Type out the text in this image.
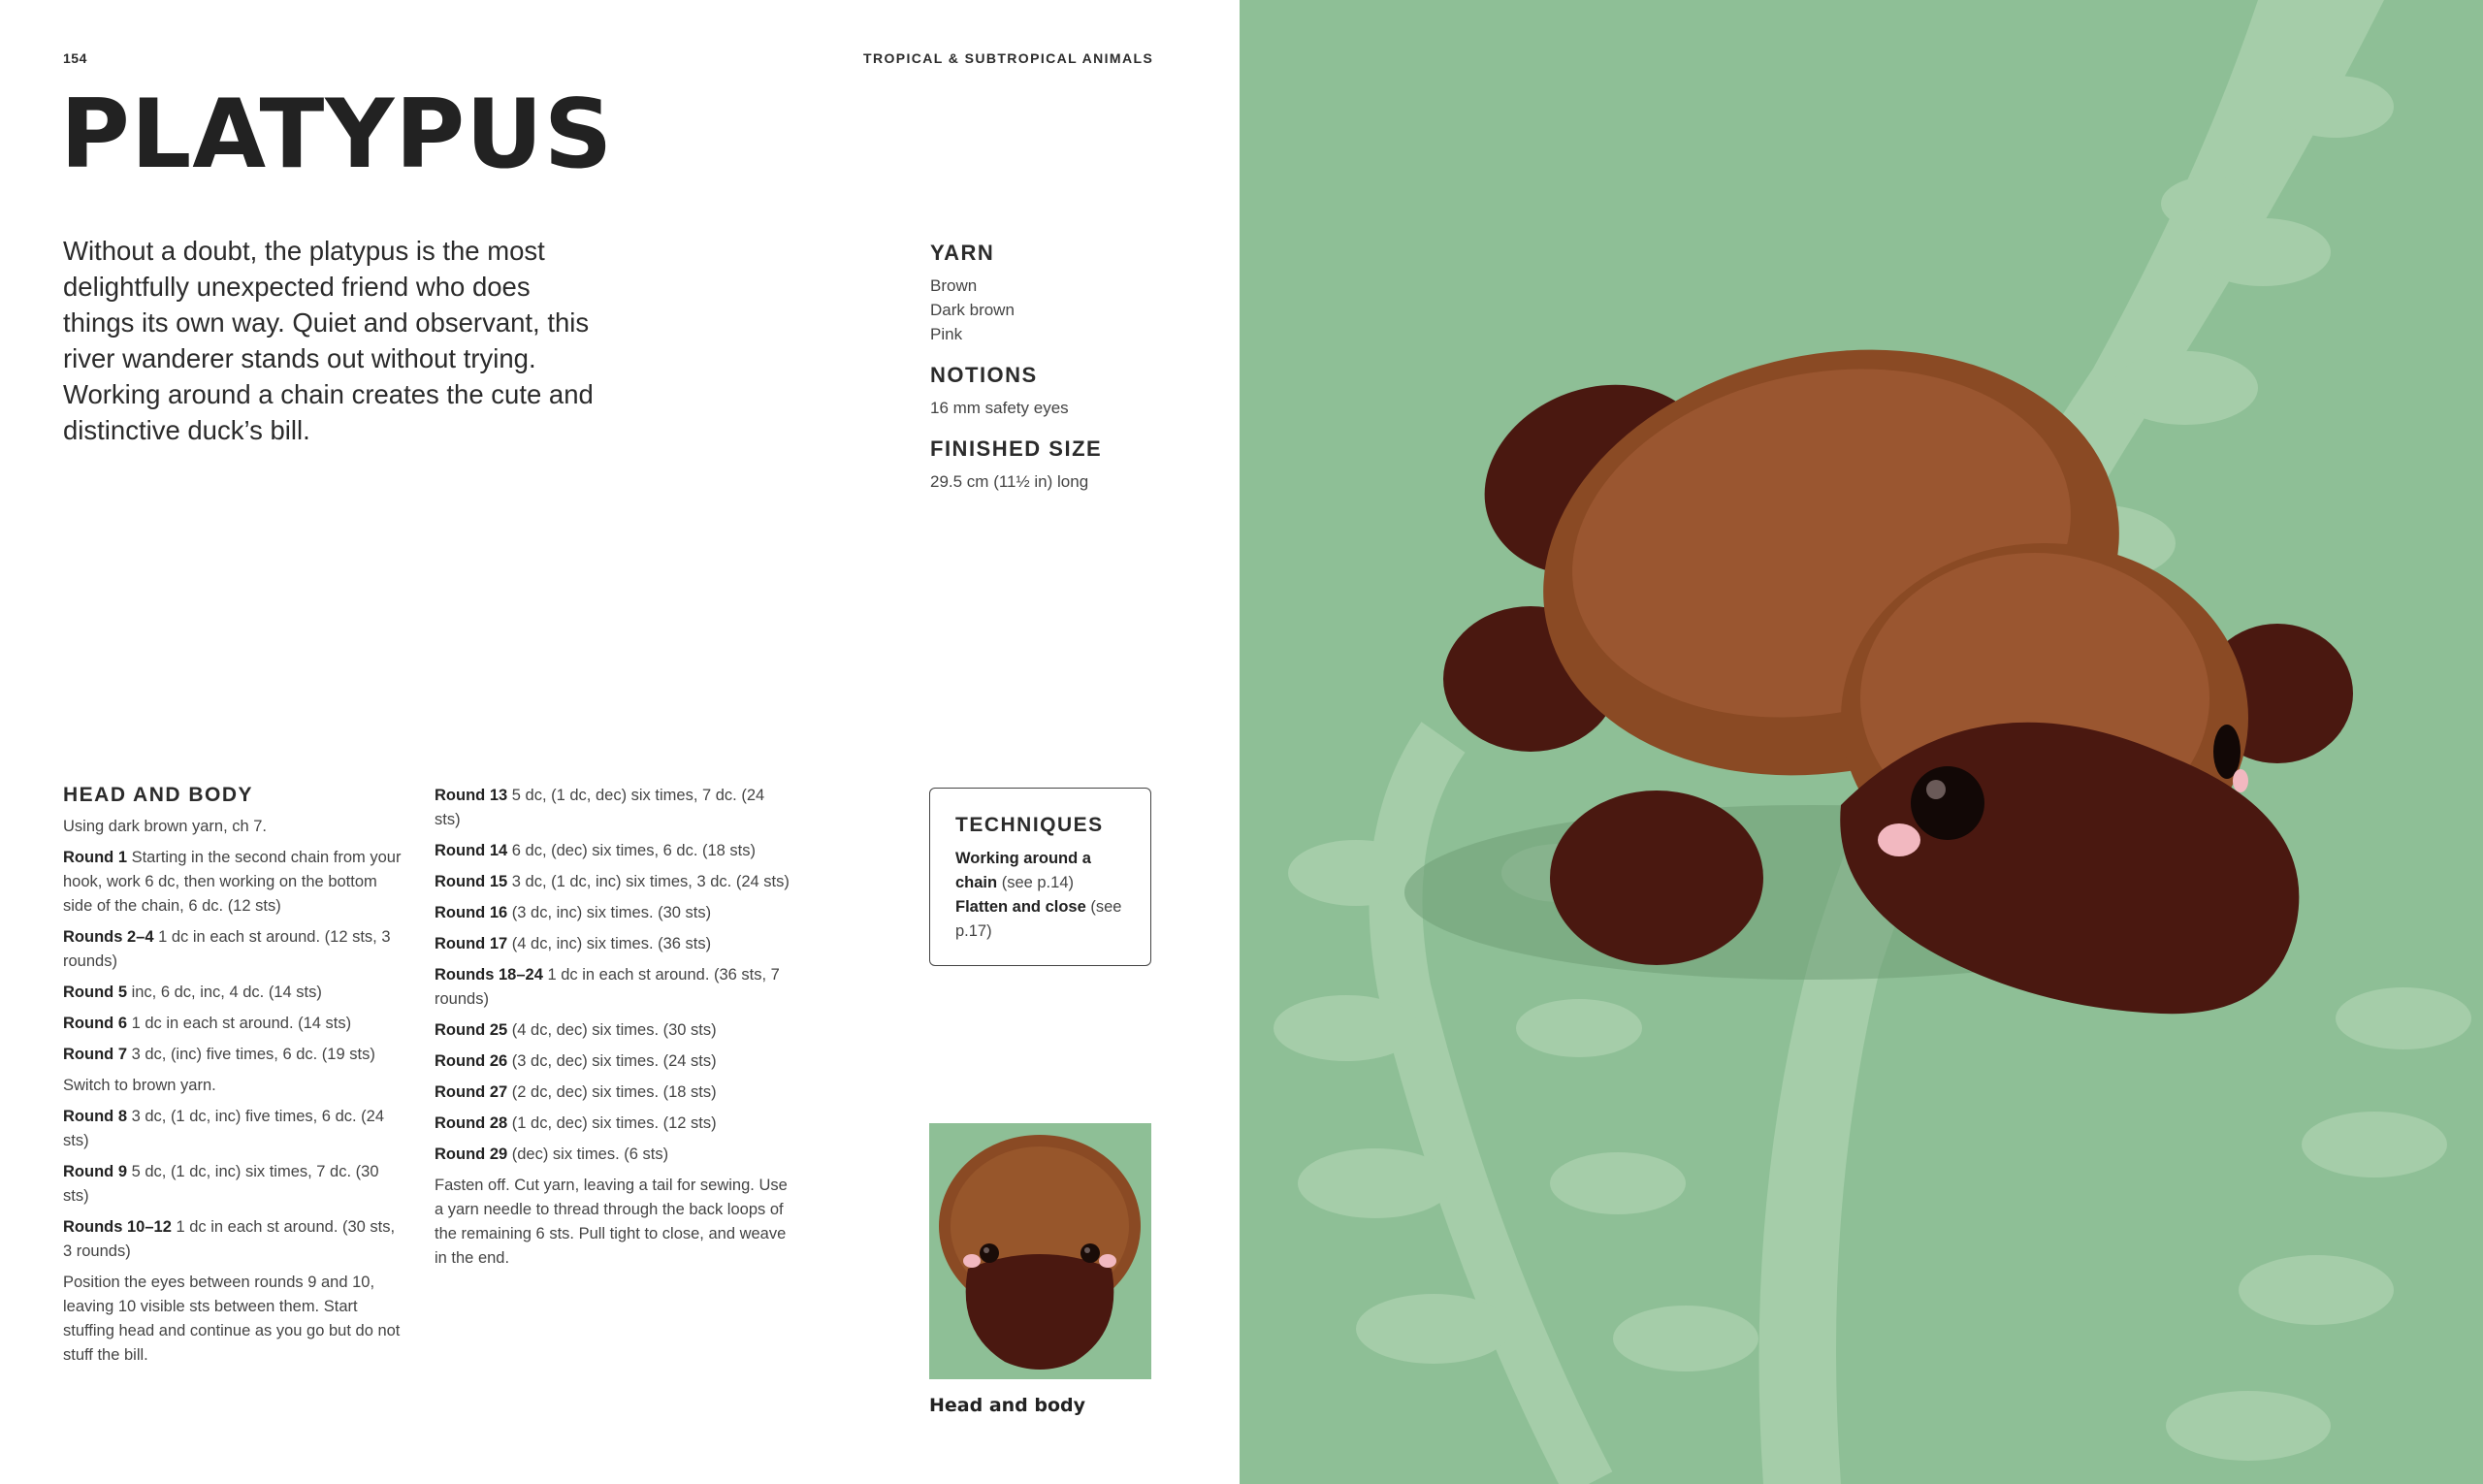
154	TROPICAL & SUBTROPICAL ANIMALS
PLATYPUS

Without a doubt, the platypus is the most delightfully unexpected friend who does things its own way. Quiet and observant, this river wanderer stands out without trying. Working around a chain creates the cute and distinctive duck’s bill.

YARN
Brown
Dark brown
Pink
NOTIONS
16 mm safety eyes
FINISHED SIZE
29.5 cm (11½ in) long
HEAD AND BODY

Using dark brown yarn, ch 7.

Round 1 Starting in the second chain from your hook, work 6 dc, then working on the bottom side of the chain, 6 dc. (12 sts)

Rounds 2–4 1 dc in each st around. (12 sts, 3 rounds)

Round 5 inc, 6 dc, inc, 4 dc. (14 sts)

Round 6 1 dc in each st around. (14 sts)

Round 7 3 dc, (inc) five times, 6 dc. (19 sts)

Switch to brown yarn.

Round 8 3 dc, (1 dc, inc) five times, 6 dc. (24 sts)

Round 9 5 dc, (1 dc, inc) six times, 7 dc. (30 sts)

Rounds 10–12 1 dc in each st around. (30 sts, 3 rounds)

Position the eyes between rounds 9 and 10, leaving 10 visible sts between them. Start stuffing head and continue as you go but do not stuff the bill.

Round 13 5 dc, (1 dc, dec) six times, 7 dc. (24 sts)

Round 14 6 dc, (dec) six times, 6 dc. (18 sts)

Round 15 3 dc, (1 dc, inc) six times, 3 dc. (24 sts)

Round 16 (3 dc, inc) six times. (30 sts)

Round 17 (4 dc, inc) six times. (36 sts)

Rounds 18–24 1 dc in each st around. (36 sts, 7 rounds)

Round 25 (4 dc, dec) six times. (30 sts)

Round 26 (3 dc, dec) six times. (24 sts)

Round 27 (2 dc, dec) six times. (18 sts)

Round 28 (1 dc, dec) six times. (12 sts)

Round 29 (dec) six times. (6 sts)

Fasten off. Cut yarn, leaving a tail for sewing. Use a yarn needle to thread through the back loops of the remaining 6 sts. Pull tight to close, and weave in the end.

TECHNIQUES
Working around a chain (see p.14)
Flatten and close (see p.17)
Head and body
